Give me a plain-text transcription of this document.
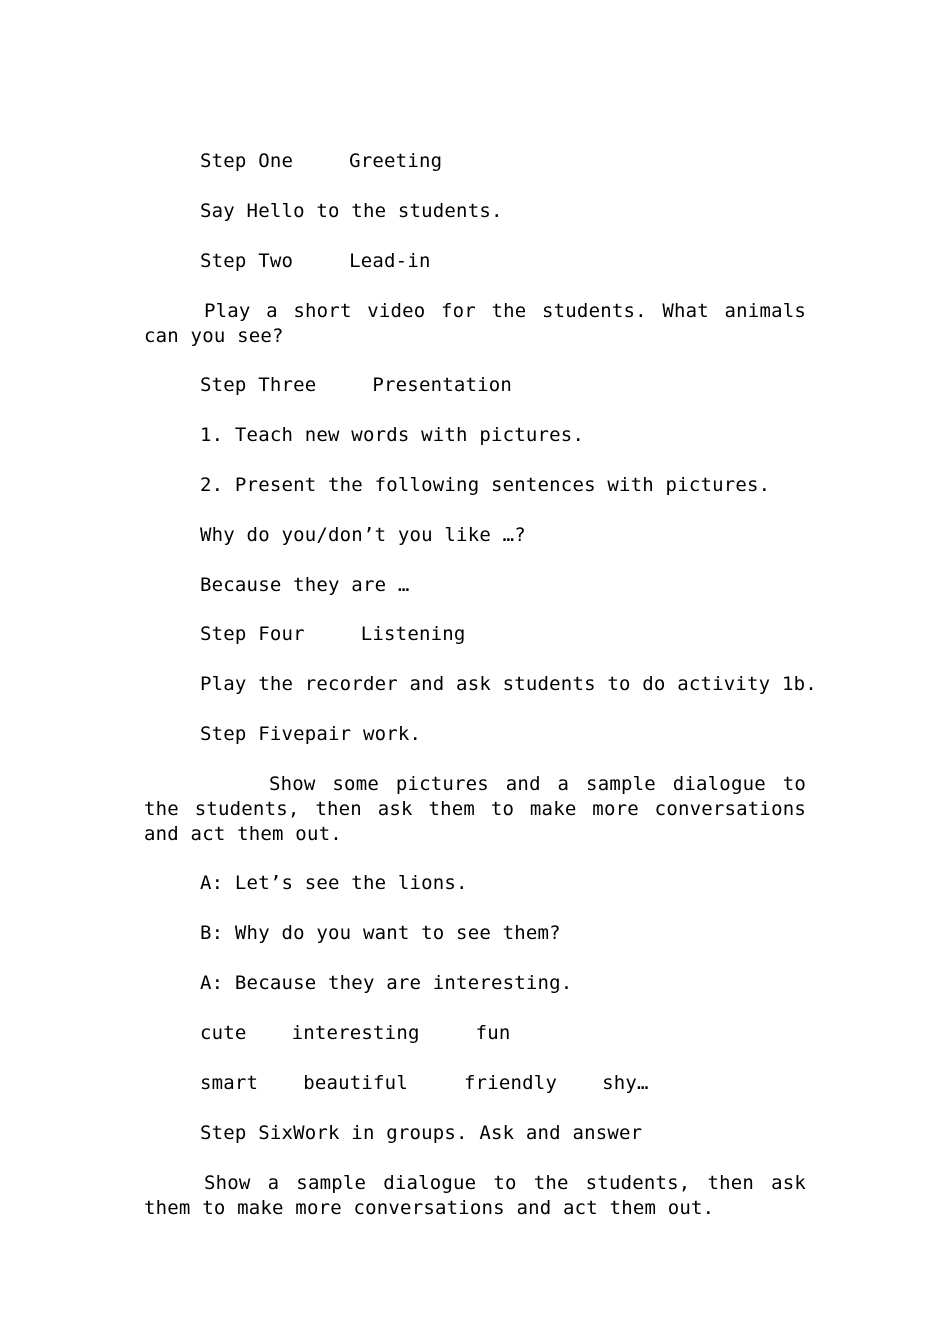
Step One	Greeting

Say Hello to the students.

Step Two	Lead-in

Play a short video for the students. What animals can you see?

Step Three	Presentation

1. Teach new words with pictures.

2. Present the following sentences with pictures.

Why do you/don’t you like …?

Because they are …

Step Four	Listening

Play the recorder and ask students to do activity 1b.

Step Fivepair work.

Show some pictures and a sample dialogue to the students, then ask them to make more conversations and act them out.

A: Let’s see the lions.

B: Why do you want to see them?

A: Because they are interesting.

cute interesting	fun

smart beautiful	friendly shy…

Step SixWork in groups. Ask and answer

Show a sample dialogue to the students, then ask them to make more conversations and act them out.
